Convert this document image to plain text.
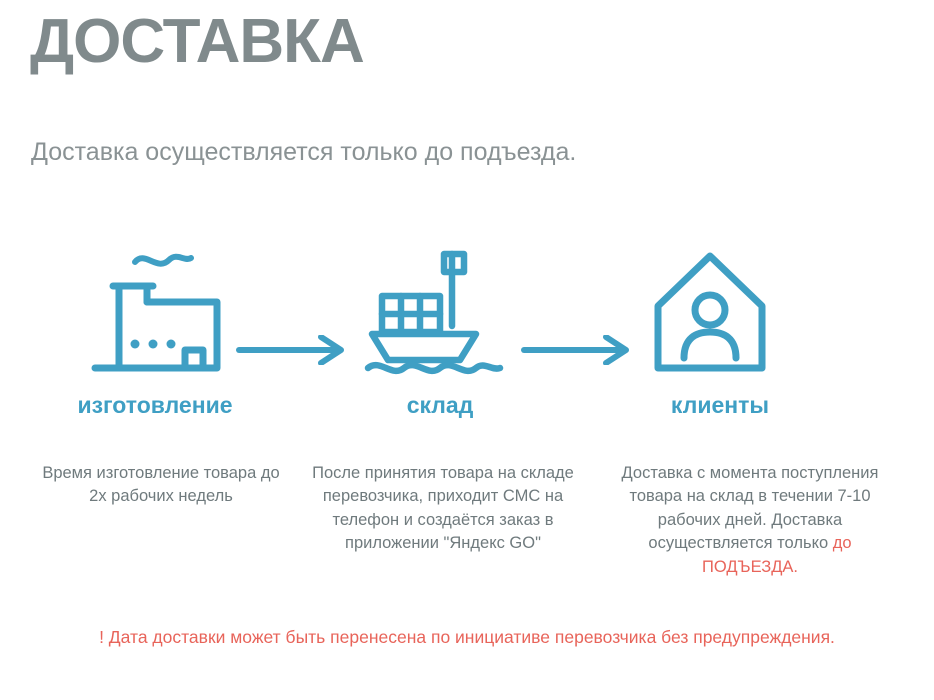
ДОСТАВКА
Доставка осуществляется только до подъезда.
изготовление	склад	клиенты
Время изготовление товара до 2х рабочих недель
После принятия товара на складе перевозчика, приходит СМС на телефон и создаётся заказ в приложении "Яндекс GO"
Доставка с момента поступления товара на склад в течении 7-10 рабочих дней. Доставка осуществляется только до ПОДЪЕЗДА.
! Дата доставки может быть перенесена по инициативе перевозчика без предупреждения.
